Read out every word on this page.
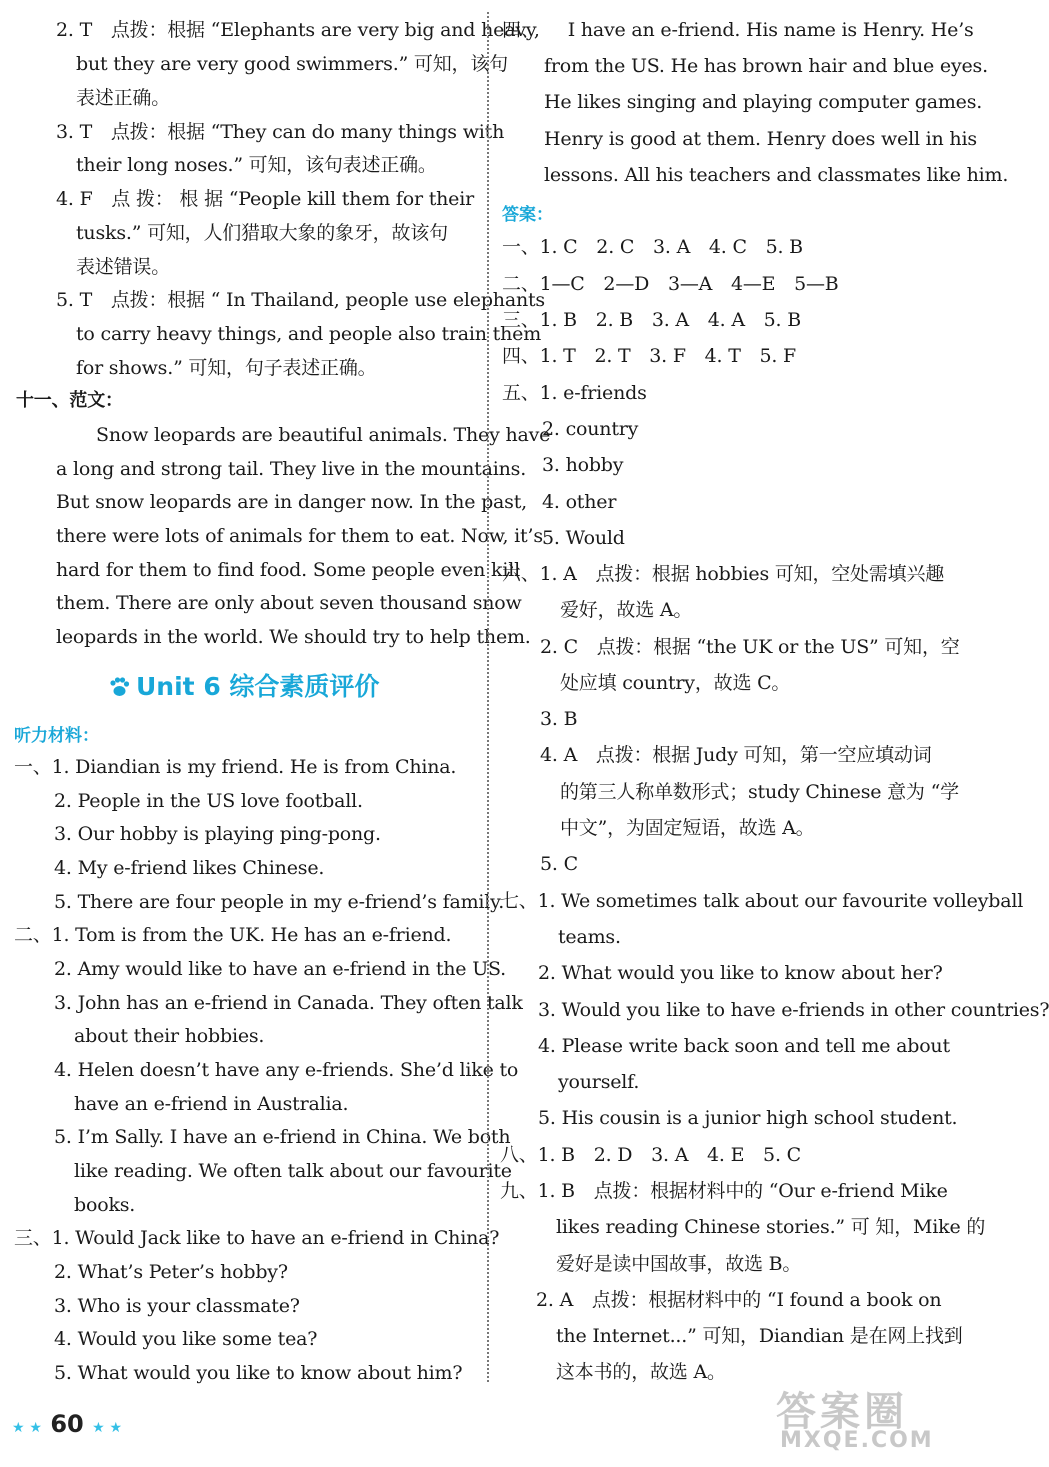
Unit 6 综合素质评价
听力材料：
2. T　点拨：根据 “Elephants are very big and heavy,
but they are very good swimmers.” 可知，该句
表述正确。
3. T　点拨：根据 “They can do many things with
their long noses.” 可知，该句表述正确。
4. F　点 拨： 根 据 “People kill them for their
tusks.” 可知，人们猎取大象的象牙，故该句
表述错误。
5. T　点拨：根据 “ In Thailand, people use elephants
to carry heavy things, and people also train them
for shows.” 可知，句子表述正确。
十一、范文：
Snow leopards are beautiful animals. They have
a long and strong tail. They live in the mountains.
But snow leopards are in danger now. In the past,
there were lots of animals for them to eat. Now, it’s
hard for them to find food. Some people even kill
them. There are only about seven thousand snow
leopards in the world. We should try to help them.
一、1. Diandian is my friend. He is from China.
2. People in the US love football.
3. Our hobby is playing ping-pong.
4. My e-friend likes Chinese.
5. There are four people in my e-friend’s family.
二、1. Tom is from the UK. He has an e-friend.
2. Amy would like to have an e-friend in the US.
3. John has an e-friend in Canada. They often talk
about their hobbies.
4. Helen doesn’t have any e-friends. She’d like to
have an e-friend in Australia.
5. I’m Sally. I have an e-friend in China. We both
like reading. We often talk about our favourite
books.
三、1. Would Jack like to have an e-friend in China?
2. What’s Peter’s hobby?
3. Who is your classmate?
4. Would you like some tea?
5. What would you like to know about him?
答案：
四、　　I have an e-friend. His name is Henry. He’s
from the US. He has brown hair and blue eyes.
He likes singing and playing computer games.
Henry is good at them. Henry does well in his
lessons. All his teachers and classmates like him.
一、1. C　2. C　3. A　4. C　5. B
二、1—C　2—D　3—A　4—E　5—B
三、1. B　2. B　3. A　4. A　5. B
四、1. T　2. T　3. F　4. T　5. F
五、1. e-friends
2. country
3. hobby
4. other
5. Would
六、1. A　点拨：根据 hobbies 可知，空处需填兴趣
爱好，故选 A。
2. C　点拨：根据 “the UK or the US” 可知，空
处应填 country，故选 C。
3. B
4. A　点拨：根据 Judy 可知，第一空应填动词
的第三人称单数形式；study Chinese 意为 “学
中文”，为固定短语，故选 A。
5. C
七、1. We sometimes talk about our favourite volleyball
teams.
2. What would you like to know about her?
3. Would you like to have e-friends in other countries?
4. Please write back soon and tell me about
yourself.
5. His cousin is a junior high school student.
八、1. B　2. D　3. A　4. E　5. C
九、1. B　点拨：根据材料中的 “Our e-friend Mike
likes reading Chinese stories.” 可 知，Mike 的
爱好是读中国故事，故选 B。
2. A　点拨：根据材料中的 “I found a book on
the Internet...” 可知，Diandian 是在网上找到
这本书的，故选 A。
★ ★ 60 ★ ★	答案圈
MXQE.COM
